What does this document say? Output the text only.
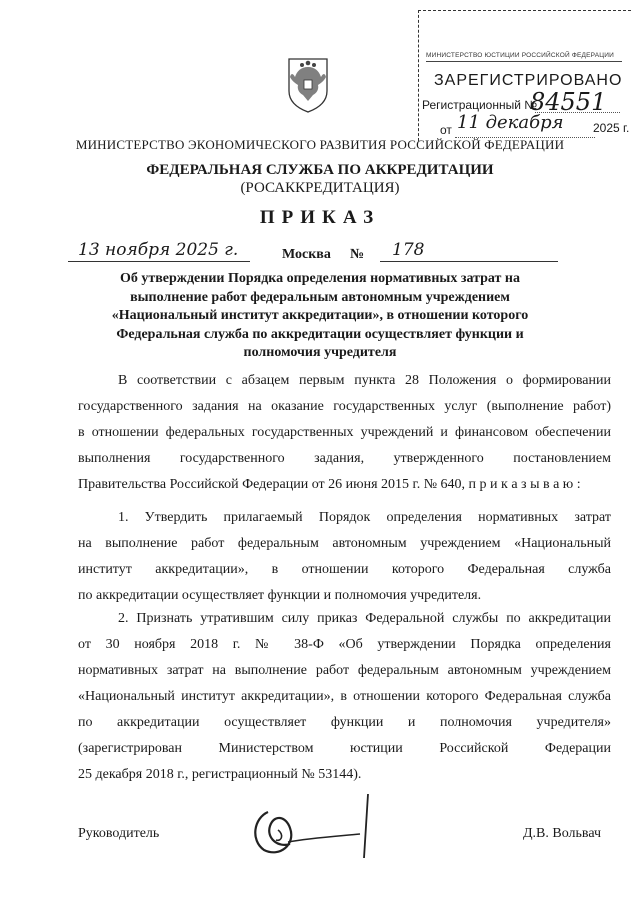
МИНИСТЕРСТВО ЮСТИЦИИ РОССИЙСКОЙ ФЕДЕРАЦИИ
ЗАРЕГИСТРИРОВАНО
Регистрационный №
84551
от 11 декабря 2025 г.
МИНИСТЕРСТВО ЭКОНОМИЧЕСКОГО РАЗВИТИЯ РОССИЙСКОЙ ФЕДЕРАЦИИ
ФЕДЕРАЛЬНАЯ СЛУЖБА ПО АККРЕДИТАЦИИ
(РОСАККРЕДИТАЦИЯ)
ПРИКАЗ
13 ноября 2025 г.	Москва № 178
Об утверждении Порядка определения нормативных затрат на выполнение работ федеральным автономным учреждением «Национальный институт аккредитации», в отношении которого Федеральная служба по аккредитации осуществляет функции и полномочия учредителя
В соответствии с абзацем первым пункта 28 Положения о формировании
государственного задания на оказание государственных услуг (выполнение работ)
в отношении федеральных государственных учреждений и финансовом обеспечении
выполнения государственного задания, утвержденного постановлением
Правительства Российской Федерации от 26 июня 2015 г. № 640, п р и к а з ы в а ю :
1. Утвердить прилагаемый Порядок определения нормативных затрат
на выполнение работ федеральным автономным учреждением «Национальный
институт аккредитации», в отношении которого Федеральная служба
по аккредитации осуществляет функции и полномочия учредителя.
2. Признать утратившим силу приказ Федеральной службы по аккредитации
от 30 ноября 2018 г. № 38-Ф «Об утверждении Порядка определения
нормативных затрат на выполнение работ федеральным автономным учреждением
«Национальный институт аккредитации», в отношении которого Федеральная служба
по аккредитации осуществляет функции и полномочия учредителя»
(зарегистрирован Министерством юстиции Российской Федерации
25 декабря 2018 г., регистрационный № 53144).
Руководитель	Д.В. Вольвач
